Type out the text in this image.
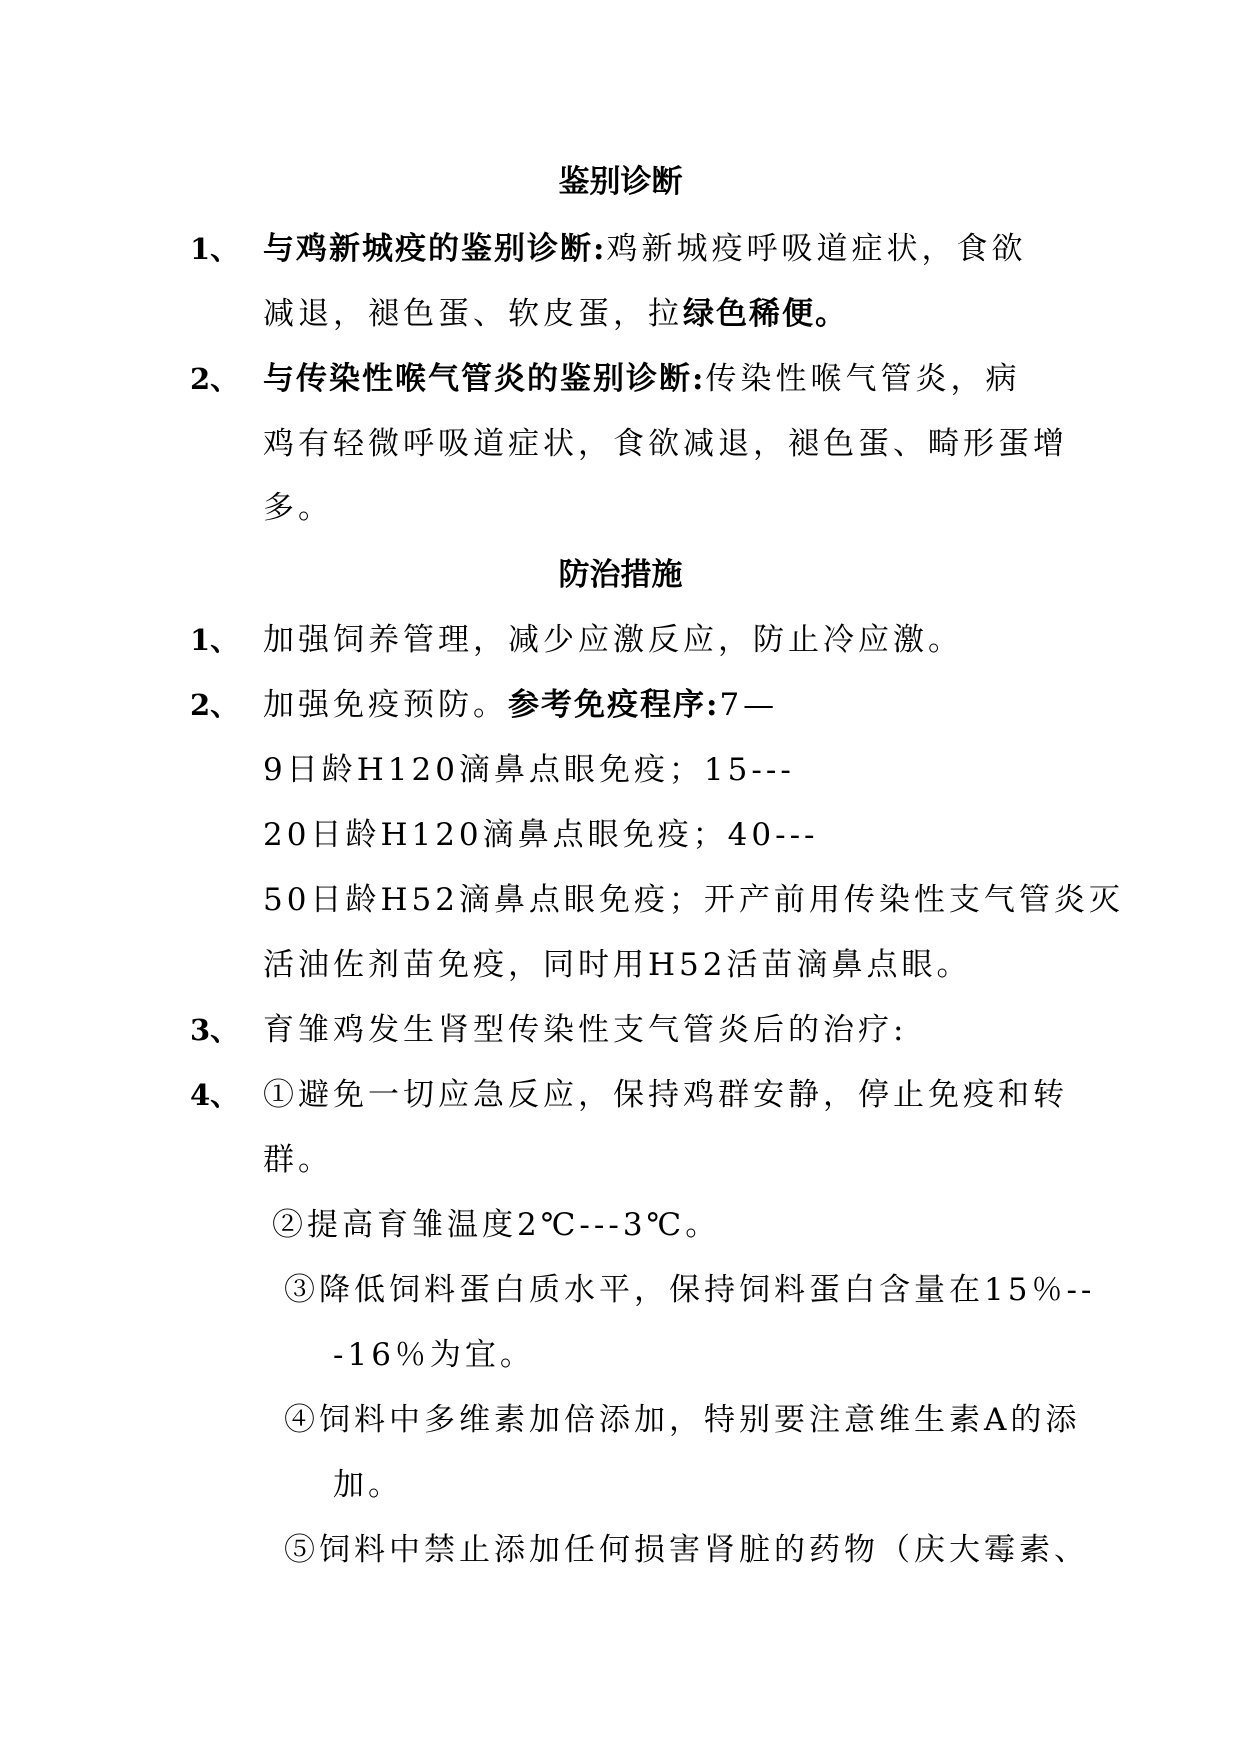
鉴别诊断
1、 与鸡新城疫的鉴别诊断:鸡新城疫呼吸道症状，食欲
减退，褪色蛋、软皮蛋，拉绿色稀便。
2、 与传染性喉气管炎的鉴别诊断:传染性喉气管炎，病
鸡有轻微呼吸道症状，食欲减退，褪色蛋、畸形蛋增
多。
防治措施
1、 加强饲养管理，减少应激反应，防止冷应激。
2、 加强免疫预防。参考免疫程序:7—
9日龄H120滴鼻点眼免疫；15---
20日龄H120滴鼻点眼免疫；40---
50日龄H52滴鼻点眼免疫；开产前用传染性支气管炎灭
活油佐剂苗免疫，同时用H52活苗滴鼻点眼。
3、 育雏鸡发生肾型传染性支气管炎后的治疗:
4、 ①避免一切应急反应，保持鸡群安静，停止免疫和转
群。
②提高育雏温度2℃---3℃。
③降低饲料蛋白质水平，保持饲料蛋白含量在15％--
-16％为宜。
④饲料中多维素加倍添加，特别要注意维生素A的添
加。
⑤饲料中禁止添加任何损害肾脏的药物（庆大霉素、
